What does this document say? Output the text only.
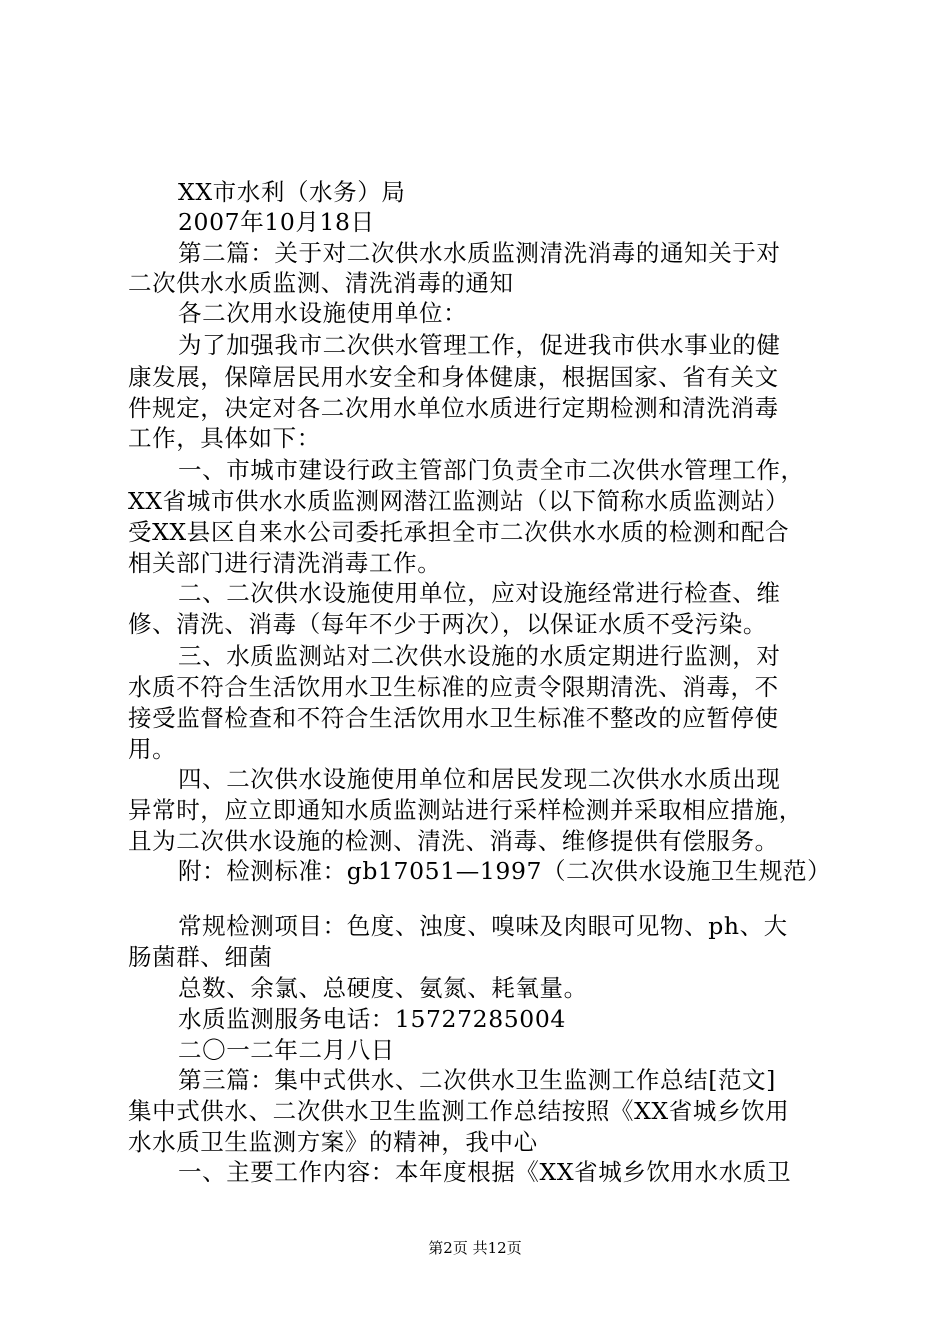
XX市水利（水务）局
2007年10月18日
第二篇：关于对二次供水水质监测清洗消毒的通知关于对
二次供水水质监测、清洗消毒的通知
各二次用水设施使用单位：
为了加强我市二次供水管理工作，促进我市供水事业的健
康发展，保障居民用水安全和身体健康，根据国家、省有关文
件规定，决定对各二次用水单位水质进行定期检测和清洗消毒
工作，具体如下：
一、市城市建设行政主管部门负责全市二次供水管理工作，
XX省城市供水水质监测网潜江监测站（以下简称水质监测站）
受XX县区自来水公司委托承担全市二次供水水质的检测和配合
相关部门进行清洗消毒工作。
二、二次供水设施使用单位，应对设施经常进行检查、维
修、清洗、消毒（每年不少于两次），以保证水质不受污染。
三、水质监测站对二次供水设施的水质定期进行监测，对
水质不符合生活饮用水卫生标准的应责令限期清洗、消毒，不
接受监督检查和不符合生活饮用水卫生标准不整改的应暂停使
用。
四、二次供水设施使用单位和居民发现二次供水水质出现
异常时，应立即通知水质监测站进行采样检测并采取相应措施，
且为二次供水设施的检测、清洗、消毒、维修提供有偿服务。
附：检测标准：gb17051—1997（二次供水设施卫生规范）
常规检测项目：色度、浊度、嗅味及肉眼可见物、ph、大
肠菌群、细菌
总数、余氯、总硬度、氨氮、耗氧量。
水质监测服务电话：15727285004
二〇一二年二月八日
第三篇：集中式供水、二次供水卫生监测工作总结[范文]
集中式供水、二次供水卫生监测工作总结按照《XX省城乡饮用
水水质卫生监测方案》的精神，我中心
一、主要工作内容：本年度根据《XX省城乡饮用水水质卫
第2页 共12页
